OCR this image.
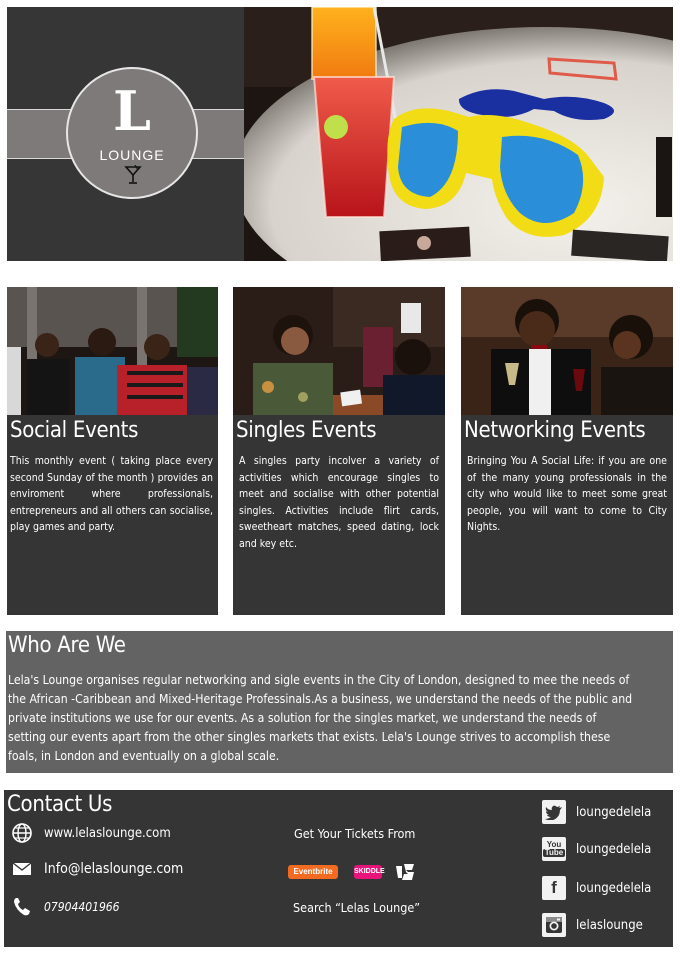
L
LOUNGE
Social Events
This monthly event ( taking place every second Sunday of the month ) provides an enviroment where professionals, entrepreneurs and all others can socialise, play games and party.
Singles Events
A singles party incolver a variety of activities which encourage singles to meet and socialise with other potential singles. Activities include flirt cards, sweetheart matches, speed dating, lock and key etc.
Networking Events
Bringing You A Social Life: if you are one of the many young professionals in the city who would like to meet some great people, you will want to come to City Nights.
Who Are We
Lela's Lounge organises regular networking and sigle events in the City of London, designed to mee the needs of the African -Caribbean and Mixed-Heritage Professinals.As a business, we understand the needs of the public and private institutions we use for our events. As a solution for the singles market, we understand the needs of setting our events apart from the other singles markets that exists. Lela's Lounge strives to accomplish these foals, in London and eventually on a global scale.
Contact Us
www.lelaslounge.com
Info@lelaslounge.com
07904401966
Get Your Tickets From
Eventbrite	SKIDDLE
Search “Lelas Lounge”
loungedelela
You
Tube loungedelela
f	loungedelela
lelaslounge
